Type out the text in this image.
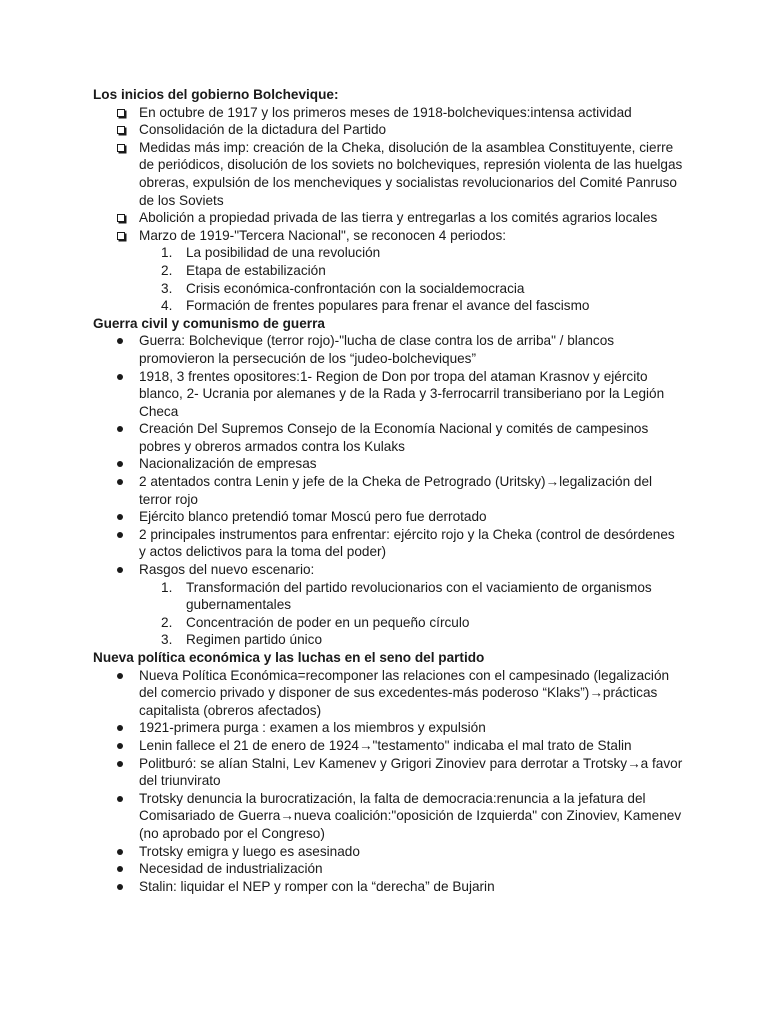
Los inicios del gobierno Bolchevique:

En octubre de 1917 y los primeros meses de 1918-bolcheviques:intensa actividad
Consolidación de la dictadura del Partido
Medidas más imp: creación de la Cheka, disolución de la asamblea Constituyente, cierre de periódicos, disolución de los soviets no bolcheviques, represión violenta de las huelgas obreras, expulsión de los mencheviques y socialistas revolucionarios del Comité Panruso de los Soviets
Abolición a propiedad privada de las tierra y entregarlas a los comités agrarios locales
Marzo de 1919-"Tercera Nacional", se reconocen 4 periodos:
La posibilidad de una revolución
Etapa de estabilización
Crisis económica-confrontación con la socialdemocracia
Formación de frentes populares para frenar el avance del fascismo

Guerra civil y comunismo de guerra

Guerra: Bolchevique (terror rojo)-"lucha de clase contra los de arriba" / blancos promovieron la persecución de los “judeo-bolcheviques”
1918, 3 frentes opositores:1- Region de Don por tropa del ataman Krasnov y ejército blanco, 2- Ucrania por alemanes y de la Rada y 3-ferrocarril transiberiano por la Legión Checa
Creación Del Supremos Consejo de la Economía Nacional y comités de campesinos pobres y obreros armados contra los Kulaks
Nacionalización de empresas
2 atentados contra Lenin y jefe de la Cheka de Petrogrado (Uritsky)→legalización del terror rojo
Ejército blanco pretendió tomar Moscú pero fue derrotado
2 principales instrumentos para enfrentar: ejército rojo y la Cheka (control de desórdenes y actos delictivos para la toma del poder)
Rasgos del nuevo escenario:
Transformación del partido revolucionarios con el vaciamiento de organismos gubernamentales
Concentración de poder en un pequeño círculo
Regimen partido único

Nueva política económica y las luchas en el seno del partido

Nueva Política Económica=recomponer las relaciones con el campesinado (legalización del comercio privado y disponer de sus excedentes-más poderoso “Klaks”)→prácticas capitalista (obreros afectados)
1921-primera purga : examen a los miembros y expulsión
Lenin fallece el 21 de enero de 1924→"testamento" indicaba el mal trato de Stalin
Politburó: se alían Stalni, Lev Kamenev y Grigori Zinoviev para derrotar a Trotsky→a favor del triunvirato
Trotsky denuncia la burocratización, la falta de democracia:renuncia a la jefatura del Comisariado de Guerra→nueva coalición:"oposición de Izquierda" con Zinoviev, Kamenev (no aprobado por el Congreso)
Trotsky emigra y luego es asesinado
Necesidad de industrialización
Stalin: liquidar el NEP y romper con la “derecha” de Bujarin
